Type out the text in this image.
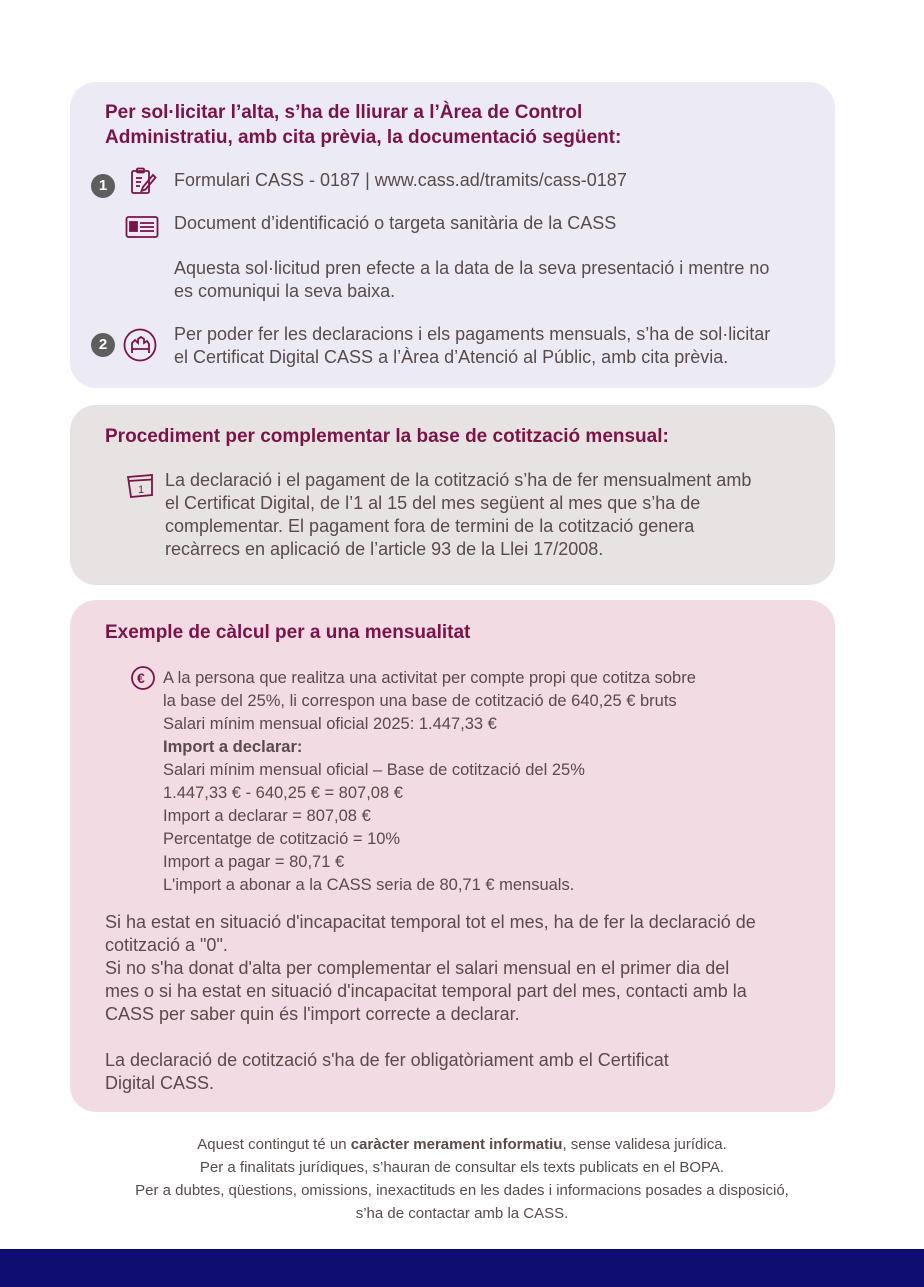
Per sol·licitar l’alta, s’ha de lliurar a l’Àrea de Control
Administratiu, amb cita prèvia, la documentació següent:
1	Formulari CASS - 0187 | www.cass.ad/tramits/cass-0187
Document d’identificació o targeta sanitària de la CASS
Aquesta sol·licitud pren efecte a la data de la seva presentació i mentre no
es comuniqui la seva baixa.
2
Per poder fer les declaracions i els pagaments mensuals, s’ha de sol·licitar
el Certificat Digital CASS a l’Àrea d’Atenció al Públic, amb cita prèvia.
Procediment per complementar la base de cotització mensual:
1 La declaració i el pagament de la cotització s’ha de fer mensualment amb
el Certificat Digital, de l’1 al 15 del mes següent al mes que s’ha de
complementar. El pagament fora de termini de la cotització genera
recàrrecs en aplicació de l’article 93 de la Llei 17/2008.
Exemple de càlcul per a una mensualitat
€ A la persona que realitza una activitat per compte propi que cotitza sobre
la base del 25%, li correspon una base de cotització de 640,25 € bruts
Salari mínim mensual oficial 2025: 1.447,33 €
Import a declarar:
Salari mínim mensual oficial – Base de cotització del 25%
1.447,33 € - 640,25 € = 807,08 €
Import a declarar = 807,08 €
Percentatge de cotització = 10%
Import a pagar = 80,71 €
L'import a abonar a la CASS seria de 80,71 € mensuals.
Si ha estat en situació d'incapacitat temporal tot el mes, ha de fer la declaració de
cotització a "0".
Si no s'ha donat d'alta per complementar el salari mensual en el primer dia del
mes o si ha estat en situació d'incapacitat temporal part del mes, contacti amb la
CASS per saber quin és l'import correcte a declarar.
La declaració de cotització s'ha de fer obligatòriament amb el Certificat
Digital CASS.
Aquest contingut té un caràcter merament informatiu, sense validesa jurídica.
Per a finalitats jurídiques, s’hauran de consultar els texts publicats en el BOPA.
Per a dubtes, qüestions, omissions, inexactituds en les dades i informacions posades a disposició,
s’ha de contactar amb la CASS.
